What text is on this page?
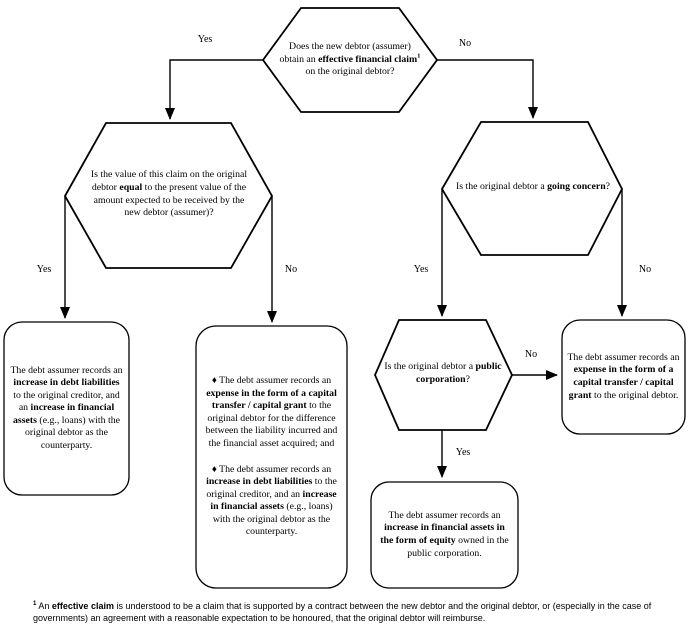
Does the new debtor (assumer) obtain an effective financial claim$^1$ on the original debtor?
Is the value of this claim on the original debtor equal to the present value of the amount expected to be received by the new debtor (assumer)?
Is the original debtor a going concern?
Is the original debtor a public corporation?
The debt assumer records an increase in debt liabilities to the original creditor, and an increase in financial assets (e.g., loans) with the original debtor as the counterparty.
♦ The debt assumer records an expense in the form of a capital transfer / capital grant to the original debtor for the difference between the liability incurred and the financial asset acquired; and
♦ The debt assumer records an increase in debt liabilities to the original creditor, and an increase in financial assets (e.g., loans) with the original debtor as the counterparty.
The debt assumer records an expense in the form of a capital transfer / capital grant to the original debtor.
The debt assumer records an increase in financial assets in the form of equity owned in the public corporation.
Yes	No
Yes	No	Yes	No
No
Yes
$^1$ An effective claim is understood to be a claim that is supported by a contract between the new debtor and the original debtor, or (especially in the case of governments) an agreement with a reasonable expectation to be honoured, that the original debtor will reimburse.
